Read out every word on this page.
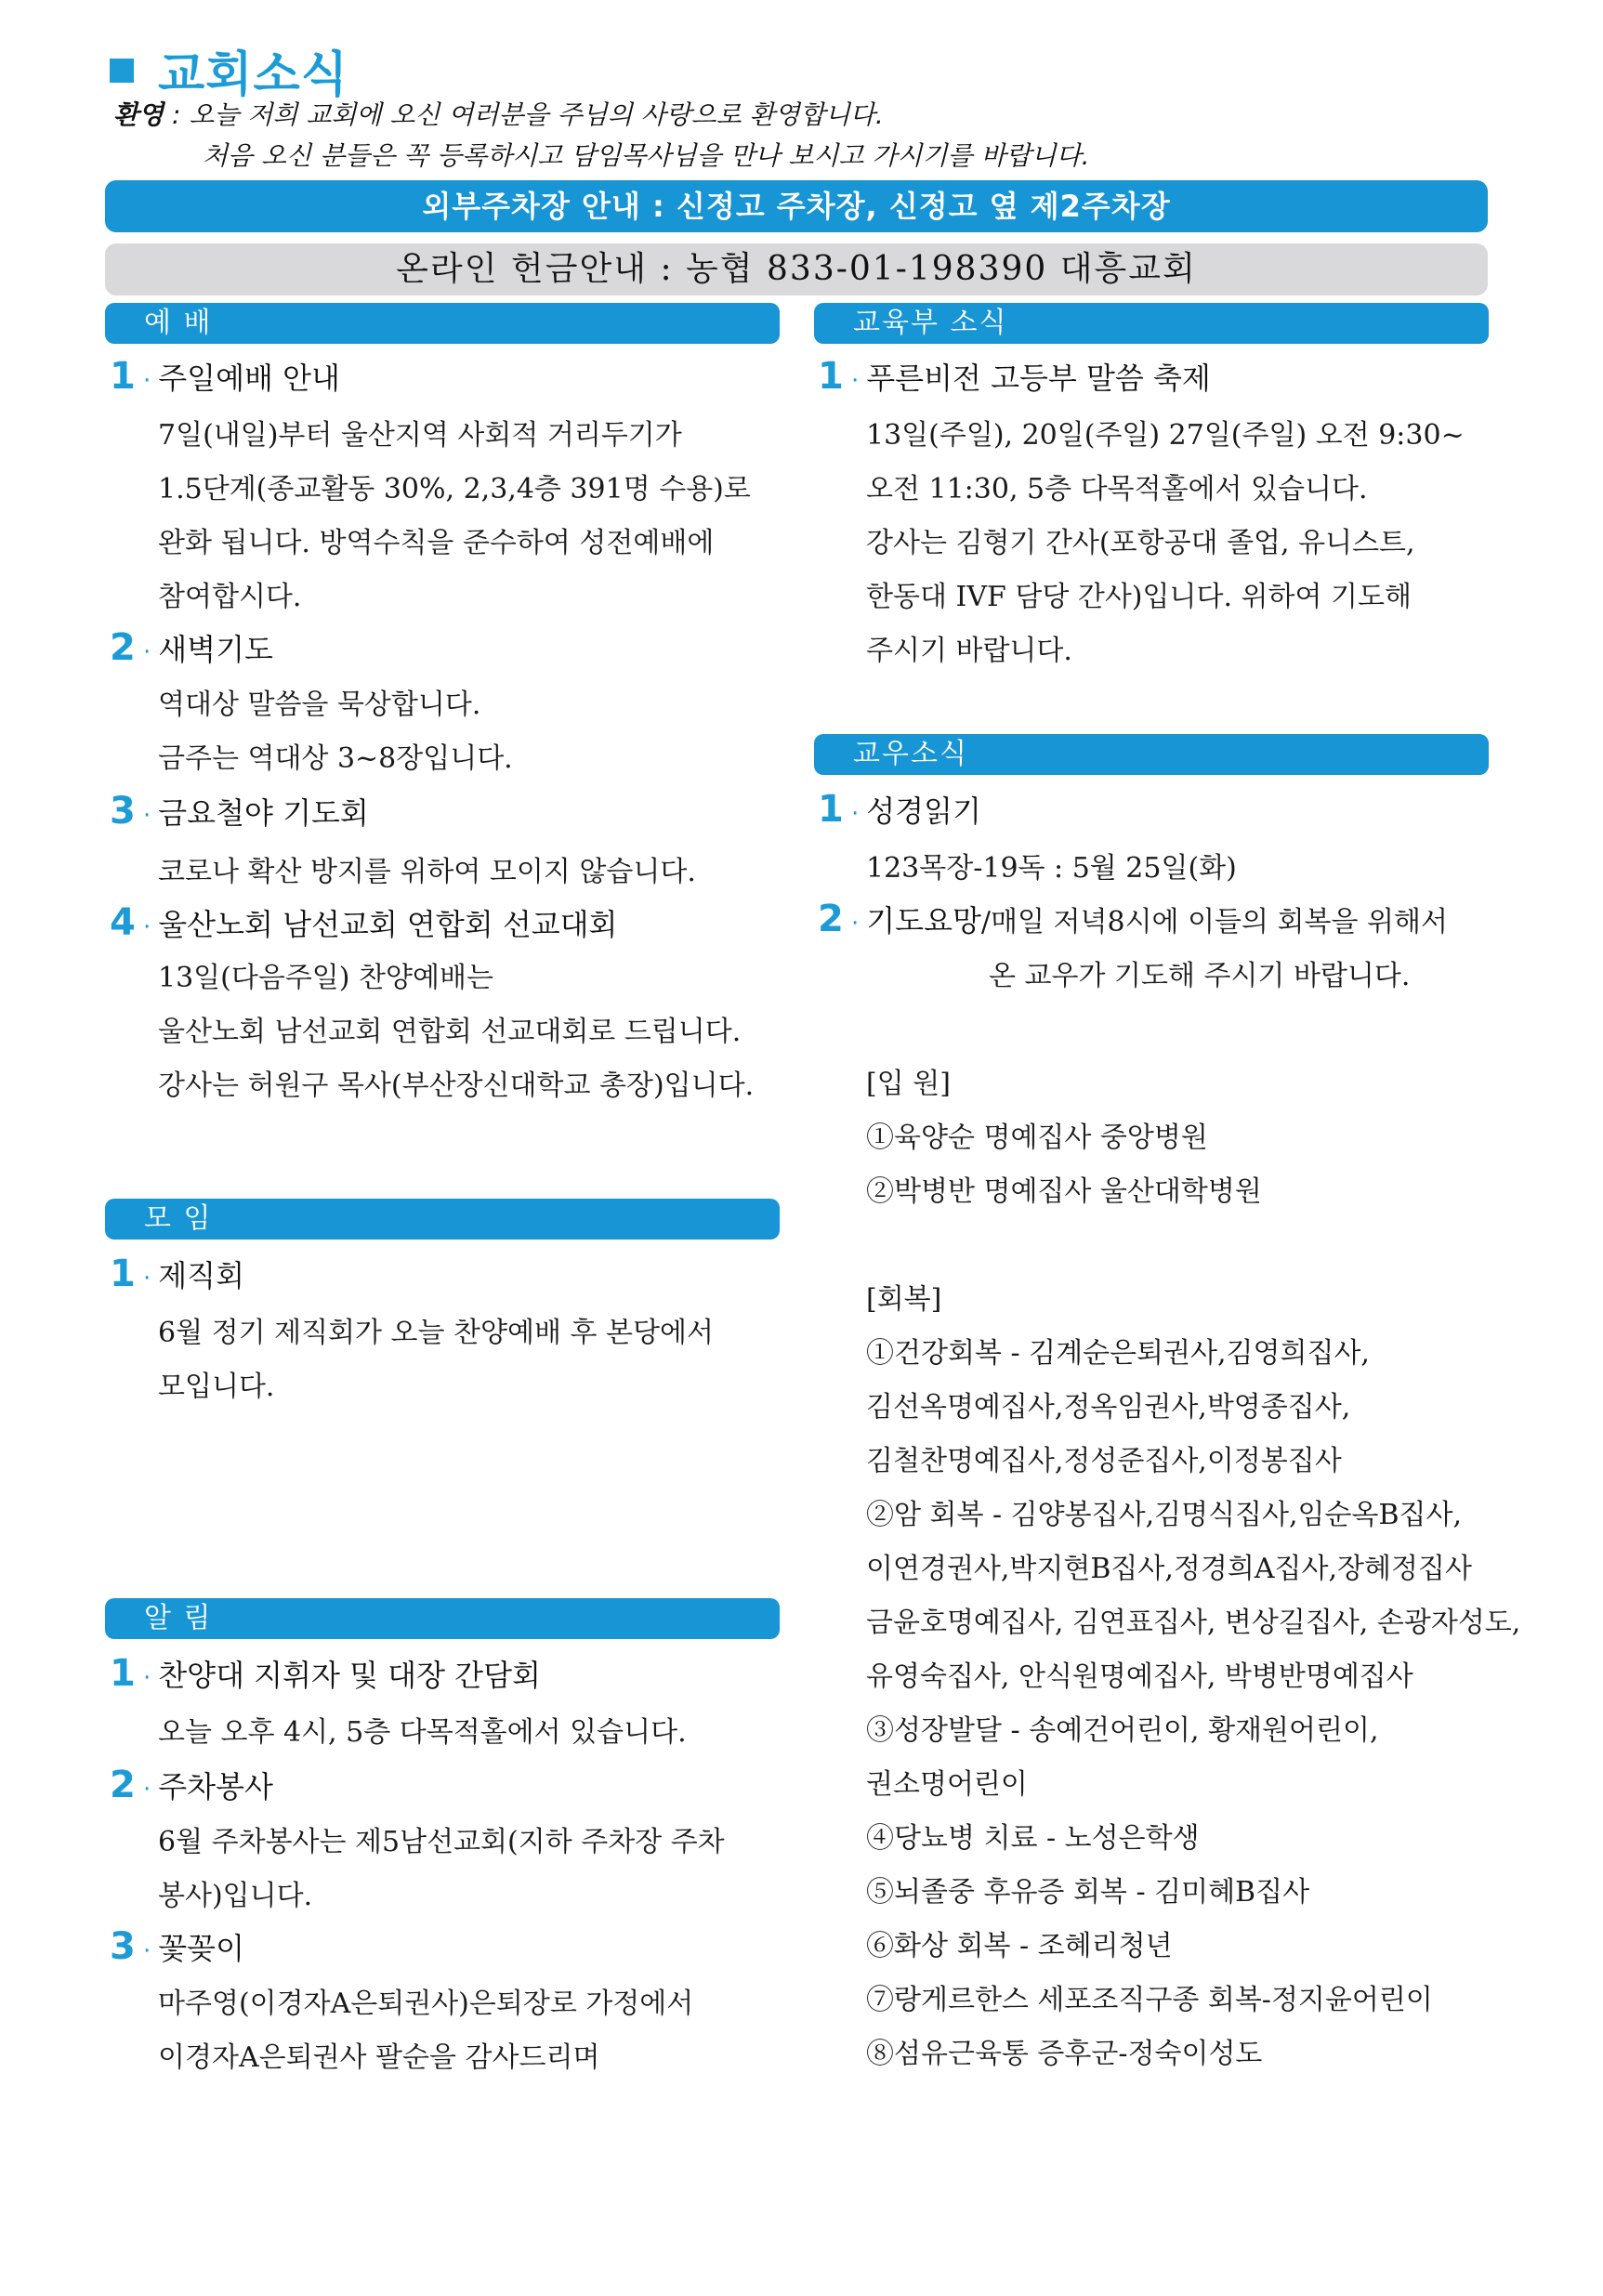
교회소식
환영 : 오늘 저희 교회에 오신 여러분을 주님의 사랑으로 환영합니다.
처음 오신 분들은 꼭 등록하시고 담임목사님을 만나 보시고 가시기를 바랍니다.
외부주차장 안내 : 신정고 주차장, 신정고 옆 제2주차장
온라인 헌금안내 : 농협 833-01-198390 대흥교회
예 배
1 · 주일예배 안내
7일(내일)부터 울산지역 사회적 거리두기가
1.5단계(종교활동 30%, 2,3,4층 391명 수용)로
완화 됩니다. 방역수칙을 준수하여 성전예배에
참여합시다.
2 · 새벽기도
역대상 말씀을 묵상합니다.
금주는 역대상 3~8장입니다.
3 · 금요철야 기도회
코로나 확산 방지를 위하여 모이지 않습니다.
4 · 울산노회 남선교회 연합회 선교대회
13일(다음주일) 찬양예배는
울산노회 남선교회 연합회 선교대회로 드립니다.
강사는 허원구 목사(부산장신대학교 총장)입니다.
모 임
1 · 제직회
6월 정기 제직회가 오늘 찬양예배 후 본당에서
모입니다.
알 림
1 · 찬양대 지휘자 및 대장 간담회
오늘 오후 4시, 5층 다목적홀에서 있습니다.
2 · 주차봉사
6월 주차봉사는 제5남선교회(지하 주차장 주차
봉사)입니다.
3 · 꽃꽂이
마주영(이경자A은퇴권사)은퇴장로 가정에서
이경자A은퇴권사 팔순을 감사드리며
교육부 소식
1 · 푸른비전 고등부 말씀 축제
13일(주일), 20일(주일) 27일(주일) 오전 9:30~
오전 11:30, 5층 다목적홀에서 있습니다.
강사는 김형기 간사(포항공대 졸업, 유니스트,
한동대 IVF 담당 간사)입니다. 위하여 기도해
주시기 바랍니다.
교우소식
1 · 성경읽기
123목장-19독 : 5월 25일(화)
2 · 기도요망/매일 저녁8시에 이들의 회복을 위해서
온 교우가 기도해 주시기 바랍니다.
[입 원]
①육양순 명예집사 중앙병원
②박병반 명예집사 울산대학병원
[회복]
①건강회복 - 김계순은퇴권사,김영희집사,
김선옥명예집사,정옥임권사,박영종집사,
김철찬명예집사,정성준집사,이정봉집사
②암 회복 - 김양봉집사,김명식집사,임순옥B집사,
이연경권사,박지현B집사,정경희A집사,장혜정집사
금윤호명예집사, 김연표집사, 변상길집사, 손광자성도,
유영숙집사, 안식원명예집사, 박병반명예집사
③성장발달 - 송예건어린이, 황재원어린이,
권소명어린이
④당뇨병 치료 - 노성은학생
⑤뇌졸중 후유증 회복 - 김미혜B집사
⑥화상 회복 - 조혜리청년
⑦랑게르한스 세포조직구종 회복-정지윤어린이
⑧섬유근육통 증후군-정숙이성도
